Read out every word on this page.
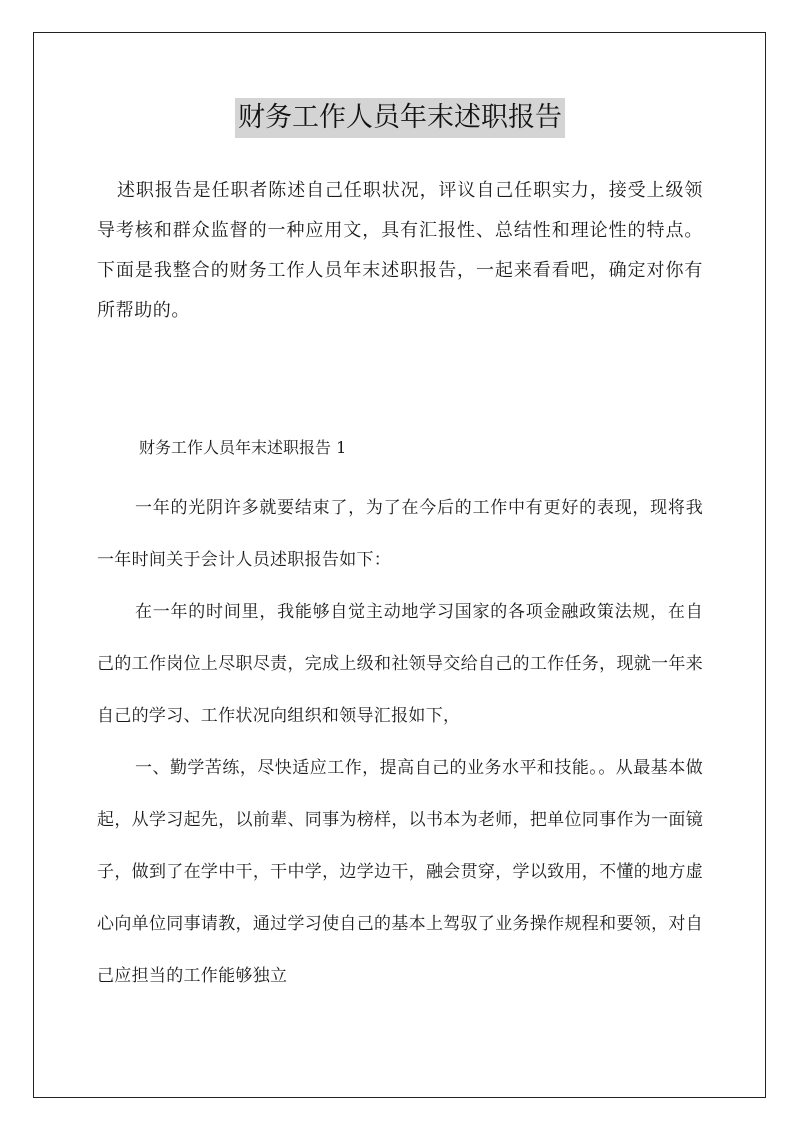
财务工作人员年末述职报告

述职报告是任职者陈述自己任职状况，评议自己任职实力，接受上级领导考核和群众监督的一种应用文，具有汇报性、总结性和理论性的特点。下面是我整合的财务工作人员年末述职报告，一起来看看吧，确定对你有所帮助的。

财务工作人员年末述职报告 1

一年的光阴许多就要结束了，为了在今后的工作中有更好的表现，现将我一年时间关于会计人员述职报告如下：

在一年的时间里，我能够自觉主动地学习国家的各项金融政策法规，在自己的工作岗位上尽职尽责，完成上级和社领导交给自己的工作任务，现就一年来自己的学习、工作状况向组织和领导汇报如下，

一、勤学苦练，尽快适应工作，提高自己的业务水平和技能。。从最基本做起，从学习起先，以前辈、同事为榜样，以书本为老师，把单位同事作为一面镜子，做到了在学中干，干中学，边学边干，融会贯穿，学以致用，不懂的地方虚心向单位同事请教，通过学习使自己的基本上驾驭了业务操作规程和要领，对自己应担当的工作能够独立
